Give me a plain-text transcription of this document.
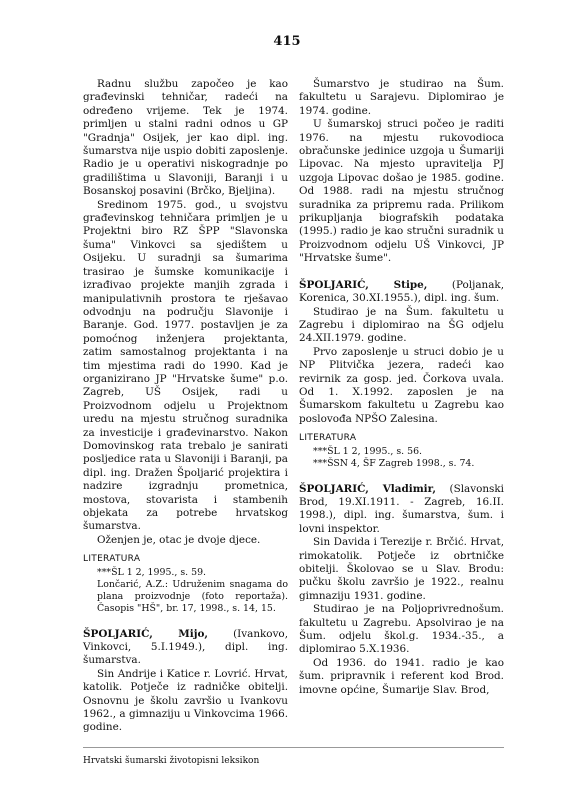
415

Radnu službu započeo je kao građevinski tehničar, radeći na određeno vrijeme. Tek je 1974. primljen u stalni radni odnos u GP "Gradnja" Osijek, jer kao dipl. ing. šumarstva nije uspio dobiti zaposlenje. Radio je u operativi niskogradnje po gradilištima u Slavoniji, Baranji i u Bosanskoj posavini (Brčko, Bjeljina).

Sredinom 1975. god., u svojstvu građevinskog tehničara primljen je u Projektni biro RZ ŠPP "Slavonska šuma" Vinkovci sa sjedištem u Osijeku. U suradnji sa šumarima trasirao je šumske komunikacije i izrađivao projekte manjih zgrada i manipulativnih prostora te rješavao odvodnju na području Slavonije i Baranje. God. 1977. postavljen je za pomoćnog inženjera projektanta, zatim samostalnog projektanta i na tim mjestima radi do 1990. Kad je organizirano JP "Hrvatske šume" p.o. Zagreb, UŠ Osijek, radi u Proizvodnom odjelu u Projektnom uredu na mjestu stručnog suradnika za investicije i građevinarstvo. Nakon Domovinskog rata trebalo je sanirati posljedice rata u Slavoniji i Baranji, pa dipl. ing. Dražen Špoljarić projektira i nadzire izgradnju prometnica, mostova, stovarista i stambenih objekata za potrebe hrvatskog šumarstva.

Oženjen je, otac je dvoje djece.

LITERATURA

***ŠL 1 2, 1995., s. 59.

Lončarić, A.Z.: Udruženim snagama do plana proizvodnje (foto reportaža). Časopis "HŠ", br. 17, 1998., s. 14, 15.

ŠPOLJARIĆ, Mijo, (Ivankovo, Vinkovci, 5.I.1949.), dipl. ing. šumarstva.

Sin Andrije i Katice r. Lovrić. Hrvat, katolik. Potječe iz radničke obitelji. Osnovnu je školu završio u Ivankovu 1962., a gimnaziju u Vinkovcima 1966. godine.

Šumarstvo je studirao na Šum. fakultetu u Sarajevu. Diplomirao je 1974. godine.

U šumarskoj struci počeo je raditi 1976. na mjestu rukovodioca obračunske jedinice uzgoja u Šumariji Lipovac. Na mjesto upravitelja PJ uzgoja Lipovac došao je 1985. godine. Od 1988. radi na mjestu stručnog suradnika za pripremu rada. Prilikom prikupljanja biografskih podataka (1995.) radio je kao stručni suradnik u Proizvodnom odjelu UŠ Vinkovci, JP "Hrvatske šume".

ŠPOLJARIĆ, Stipe, (Poljanak, Korenica, 30.XI.1955.), dipl. ing. šum.

Studirao je na Šum. fakultetu u Zagrebu i diplomirao na ŠG odjelu 24.XII.1979. godine.

Prvo zaposlenje u struci dobio je u NP Plitvička jezera, radeći kao revirnik za gosp. jed. Čorkova uvala. Od 1. X.1992. zaposlen je na Šumarskom fakultetu u Zagrebu kao poslovođa NPŠO Zalesina.

LITERATURA

***ŠL 1 2, 1995., s. 56.

***ŠSN 4, ŠF Zagreb 1998., s. 74.

ŠPOLJARIĆ, Vladimir, (Slavonski Brod, 19.XI.1911. - Zagreb, 16.II. 1998.), dipl. ing. šumarstva, šum. i lovni inspektor.

Sin Davida i Terezije r. Brčić. Hrvat, rimokatolik. Potječe iz obrtničke obitelji. Školovao se u Slav. Brodu: pučku školu završio je 1922., realnu gimnaziju 1931. godine.

Studirao je na Poljoprivrednošum. fakultetu u Zagrebu. Apsolvirao je na Šum. odjelu škol.g. 1934.-35., a diplomirao 5.X.1936.

Od 1936. do 1941. radio je kao šum. pripravnik i referent kod Brod. imovne općine, Šumarije Slav. Brod,

Hrvatski šumarski životopisni leksikon
